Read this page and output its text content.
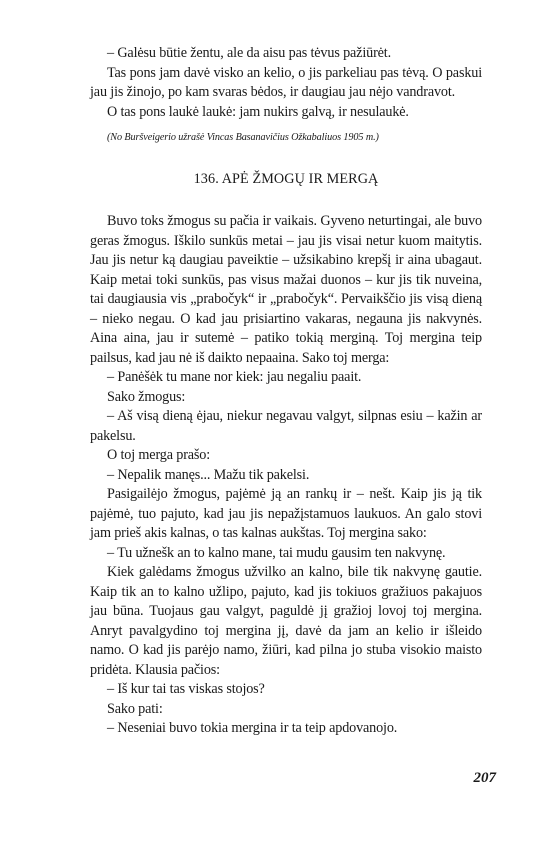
– Galėsu būtie žentu, ale da aisu pas tėvus pažiūrėt.

Tas pons jam davė visko an kelio, o jis parkeliau pas tėvą. O paskui jau jis žinojo, po kam svaras bėdos, ir daugiau jau nėjo vandravot.

O tas pons laukė laukė: jam nukirs galvą, ir nesulaukė.

(No Buršveigerio užrašė Vincas Basanavičius Ožkabaliuos 1905 m.)

136. APĖ ŽMOGŲ IR MERGĄ

Buvo toks žmogus su pačia ir vaikais. Gyveno neturtingai, ale buvo geras žmogus. Iškilo sunkūs metai – jau jis visai netur kuom maitytis. Jau jis netur ką daugiau paveiktie – užsikabino krepšį ir aina ubagaut. Kaip metai toki sunkūs, pas visus mažai duonos – kur jis tik nuveina, tai daugiausia vis „prabočyk“ ir „prabočyk“. Pervaikščio jis visą dieną – nieko negau. O kad jau prisiartino vakaras, negauna jis nakvynės. Aina aina, jau ir sutemė – patiko tokią merginą. Toj mergina teip pailsus, kad jau nė iš daikto nepaaina. Sako toj merga:

– Panėšėk tu mane nor kiek: jau negaliu paait.

Sako žmogus:

– Aš visą dieną ėjau, niekur negavau valgyt, silpnas esiu – kažin ar pakelsu.

O toj merga prašo:

– Nepalik manęs... Mažu tik pakelsi.

Pasigailėjo žmogus, pajėmė ją an rankų ir – nešt. Kaip jis ją tik pajėmė, tuo pajuto, kad jau jis nepažįstamuos laukuos. An galo stovi jam prieš akis kalnas, o tas kalnas aukštas. Toj mergina sako:

– Tu užnešk an to kalno mane, tai mudu gausim ten nakvynę.

Kiek galėdams žmogus užvilko an kalno, bile tik nakvynę gautie. Kaip tik an to kalno užlipo, pajuto, kad jis tokiuos gražiuos pakajuos jau būna. Tuojaus gau valgyt, paguldė jį gražioj lovoj toj mergina. Anryt pavalgydino toj mergina jį, davė da jam an kelio ir išleido namo. O kad jis parėjo namo, žiūri, kad pilna jo stuba visokio maisto pridėta. Klausia pačios:

– Iš kur tai tas viskas stojos?

Sako pati:

– Neseniai buvo tokia mergina ir ta teip apdovanojo.

207
